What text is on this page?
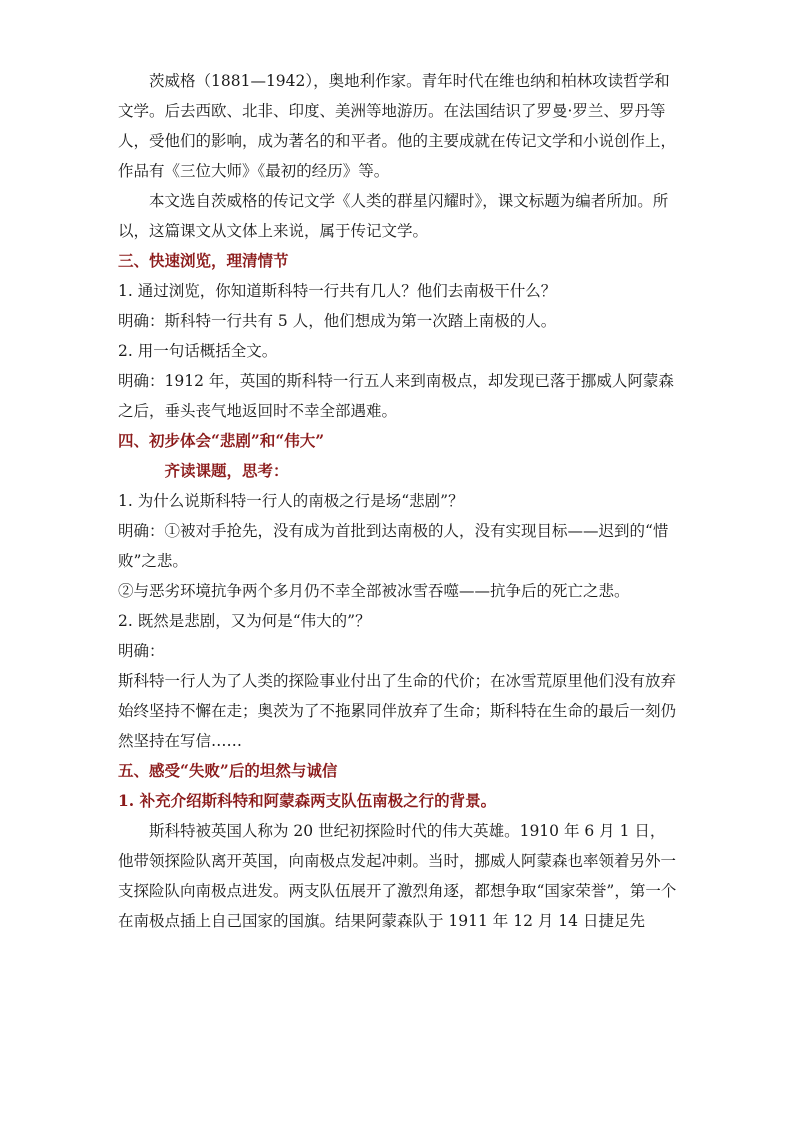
茨威格（1881—1942），奥地利作家。青年时代在维也纳和柏林攻读哲学和文学。后去西欧、北非、印度、美洲等地游历。在法国结识了罗曼·罗兰、罗丹等人，受他们的影响，成为著名的和平者。他的主要成就在传记文学和小说创作上，作品有《三位大师》《最初的经历》等。

本文选自茨威格的传记文学《人类的群星闪耀时》，课文标题为编者所加。所以，这篇课文从文体上来说，属于传记文学。

三、快速浏览，理清情节

1. 通过浏览，你知道斯科特一行共有几人？他们去南极干什么？

明确：斯科特一行共有 5 人，他们想成为第一次踏上南极的人。

2. 用一句话概括全文。

明确：1912 年，英国的斯科特一行五人来到南极点，却发现已落于挪威人阿蒙森之后，垂头丧气地返回时不幸全部遇难。

四、初步体会“悲剧”和“伟大”

齐读课题，思考：

1. 为什么说斯科特一行人的南极之行是场“悲剧”？

明确：①被对手抢先，没有成为首批到达南极的人，没有实现目标——迟到的“惜败”之悲。

②与恶劣环境抗争两个多月仍不幸全部被冰雪吞噬——抗争后的死亡之悲。

2. 既然是悲剧，又为何是“伟大的”？

明确：

斯科特一行人为了人类的探险事业付出了生命的代价；在冰雪荒原里他们没有放弃始终坚持不懈在走；奥茨为了不拖累同伴放弃了生命；斯科特在生命的最后一刻仍然坚持在写信……

五、感受“失败”后的坦然与诚信

1. 补充介绍斯科特和阿蒙森两支队伍南极之行的背景。

斯科特被英国人称为 20 世纪初探险时代的伟大英雄。1910 年 6 月 1 日，他带领探险队离开英国，向南极点发起冲刺。当时，挪威人阿蒙森也率领着另外一支探险队向南极点进发。两支队伍展开了激烈角逐，都想争取“国家荣誉”，第一个在南极点插上自己国家的国旗。结果阿蒙森队于 1911 年 12 月 14 日捷足先
